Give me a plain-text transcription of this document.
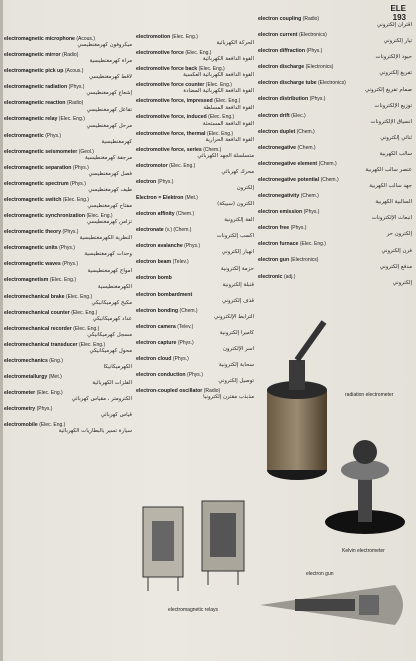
ELE
193
electromagnetic microphone (Acous.)
ميكروفون كهرمغنطيسي
electromagnetic mirror (Radio)
مرآة كهرمغنطيسية
electromagnetic pick up (Acous.)
لاقط كهرمغنطيسي
electromagnetic radiation (Phys.)
إشعاع كهرمغنطيسي
electromagnetic reaction (Radio)
تفاعل كهرمغنطيسي
electromagnetic relay (Elec. Eng.)
مرحل كهرمغنطيسي
electromagnetic (Phys.)
كهرمغنطيسية
electromagnetic seismometer (Geol.)
مرجفة كهرمغنطيسية
electromagnetic separation (Phys.)
فصل كهرمغنطيسي
electromagnetic spectrum (Phys.)
طيف كهرمغنطيسي
electromagnetic switch (Elec. Eng.)
مفتاح كهرمغنطيسي
electromagnetic synchronization (Elec. Eng.)
تزامن كهرمغنطيسي
electromagnetic theory (Phys.)
النظرية الكهرمغنطيسية
electromagnetic units (Phys.)
وحدات كهرمغنطيسية
electromagnetic waves (Phys.)
أمواج كهرمغنطيسية
electromagnetism (Elec. Eng.)
الكهرمغنطيسية
electromechanical brake (Elec. Eng.)
مكبح كهرميكانيكي
electromechanical counter (Elec. Eng.)
عداد كهرميكانيكي
electromechanical recorder (Elec. Eng.)
مسجل كهرميكانيكي
electromechanical transducer (Elec. Eng.)
محول كهرميكانيكي
electromechanics (Eng.)
الكهرميكانيكا
electrometallurgy (Met.)
الفلزات الكهربائية
electrometer (Elec. Eng.)
الكترومتر ، مقياس كهربائي
electrometry (Phys.)
قياس كهربائي
electromobile (Elec. Eng.)
سيارة تسير بالبطاريات الكهربائية
electromotion (Elec. Eng.)
الحركة الكهربائية
electromotive force (Elec. Eng.)
القوة الدافعة الكهربائية
electromotive force back (Elec. Eng.)
القوة الدافعة الكهربائية العكسية
electromotive force counter (Elec. Eng.)
القوة الدافعة الكهربائية المضادة
electromotive force, impressed (Elec. Eng.)
القوة الدافعة المسلطة
electromotive force, induced (Elec. Eng.)
القوة الدافعة المستحثة
electromotive force, thermal (Elec. Eng.)
القوة الدافعة الحرارية
electromotive force, series (Chem.)
متسلسلة الجهد الكهربائي
electromotor (Elec. Eng.)
محرك كهربائي
electron (Phys.)
إلكترون
Electron = Elektron (Met.)
الكترون (سبيكة)
electron affinity (Chem.)
ألفة إلكترونية
electronate (v.) (Chem.)
أكسب إلكترونات
electron avalanche (Phys.)
انهيار إلكتروني
electron beam (Telev.)
حزمة إلكترونية
electron bomb
قنبلة إلكترونية
electron bombardment
قذف إلكتروني
electron bonding (Chem.)
الترابط الإلكتروني
electron camera (Telev.)
كاميرا إلكترونية
electron capture (Phys.)
أسر الإلكترون
electron cloud (Phys.)
سحابة إلكترونية
electron conduction (Phys.)
توصيل إلكتروني
electron-coupled oscillator (Radio)
مذبذب مقترن إلكترونيا
electron coupling (Radio)
اقتران إلكتروني
electron current (Electronics)
تيار إلكتروني
electron diffraction (Phys.)
حيود الإلكترونات
electron discharge (Electronics)
تفريغ إلكتروني
electron discharge tube (Electronics)
صمام تفريغ إلكتروني
electron distribution (Phys.)
توزيع الإلكترونات
electron drift (Elec.)
انسياق الإلكترونات
electron duplet (Chem.)
ثنائي إلكتروني
electronegative (Chem.)
سالب الكهربية
electronegative element (Chem.)
عنصر سالب الكهربية
electronegative potential (Chem.)
جهد سالب الكهربية
electronegativity (Chem.)
السالبية الكهربية
electron emission (Phys.)
انبعاث الإلكترونات
electron free (Phys.)
إلكترون حر
electron furnace (Elec. Eng.)
فرن إلكتروني
electron gun (Electronics)
مدفع إلكتروني
electronic (adj.)
إلكتروني
radiation electrometer
Kelvin electrometer
electron gun
electromagnetic relays
